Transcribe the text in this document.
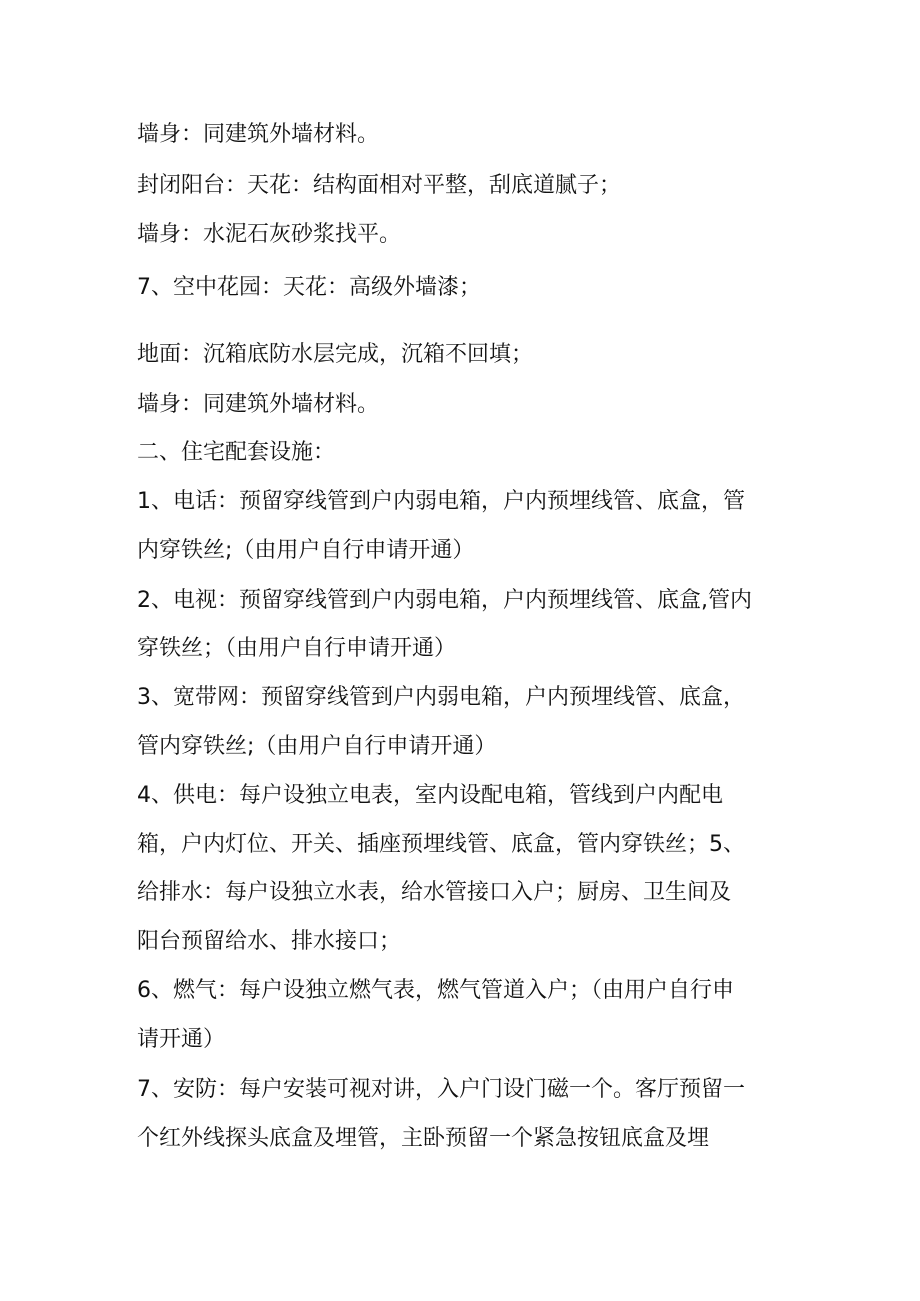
墙身：同建筑外墙材料。

封闭阳台：天花：结构面相对平整，刮底道腻子；

墙身：水泥石灰砂浆找平。

7、空中花园：天花：高级外墙漆；

地面：沉箱底防水层完成，沉箱不回填；

墙身：同建筑外墙材料。

二、住宅配套设施：

1、电话：预留穿线管到户内弱电箱，户内预埋线管、底盒，管

内穿铁丝;（由用户自行申请开通）

2、电视：预留穿线管到户内弱电箱，户内预埋线管、底盒,管内

穿铁丝；（由用户自行申请开通）

3、宽带网：预留穿线管到户内弱电箱，户内预埋线管、底盒，

管内穿铁丝;（由用户自行申请开通）

4、供电：每户设独立电表，室内设配电箱，管线到户内配电

箱，户内灯位、开关、插座预埋线管、底盒，管内穿铁丝；5、

给排水：每户设独立水表，给水管接口入户；厨房、卫生间及

阳台预留给水、排水接口；

6、燃气：每户设独立燃气表，燃气管道入户；（由用户自行申

请开通）

7、安防：每户安装可视对讲，入户门设门磁一个。客厅预留一

个红外线探头底盒及埋管，主卧预留一个紧急按钮底盒及埋
